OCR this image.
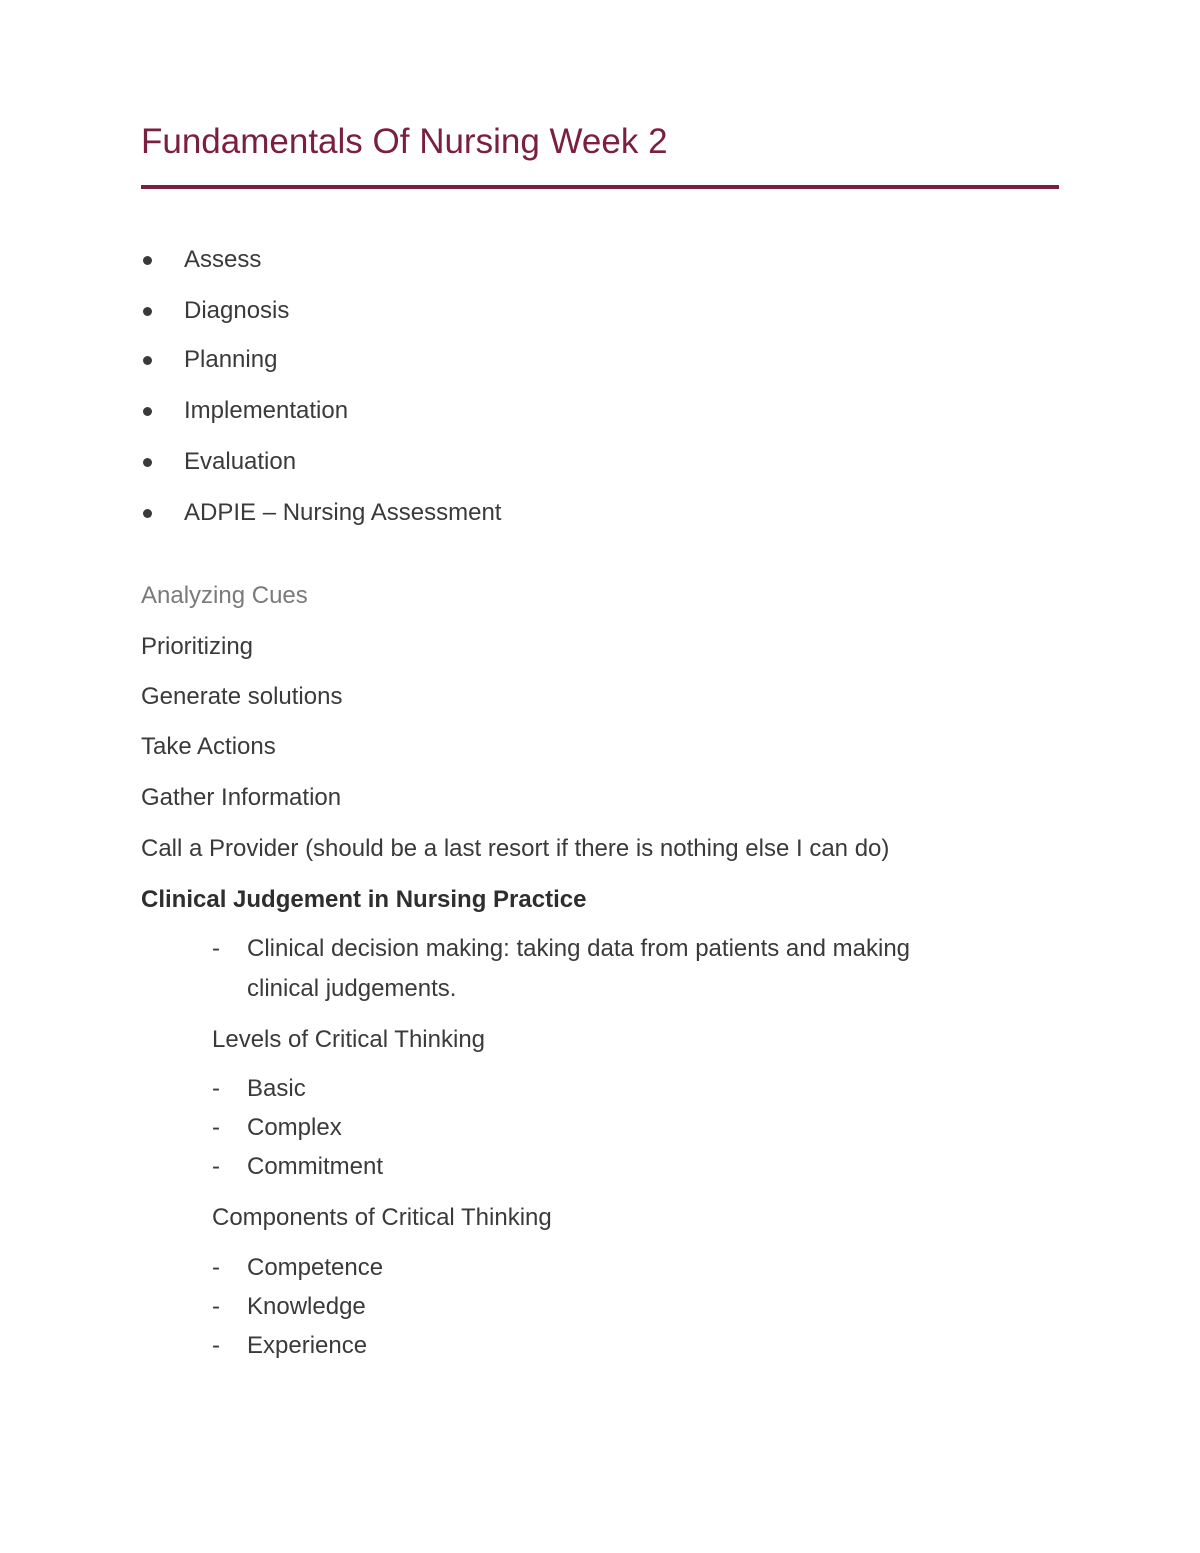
Fundamentals Of Nursing Week 2
Assess
Diagnosis
Planning
Implementation
Evaluation
ADPIE – Nursing Assessment
Analyzing Cues
Prioritizing
Generate solutions
Take Actions
Gather Information
Call a Provider (should be a last resort if there is nothing else I can do)
Clinical Judgement in Nursing Practice
- Clinical decision making: taking data from patients and making
clinical judgements.
Levels of Critical Thinking
- Basic
- Complex
- Commitment
Components of Critical Thinking
- Competence
- Knowledge
- Experience
